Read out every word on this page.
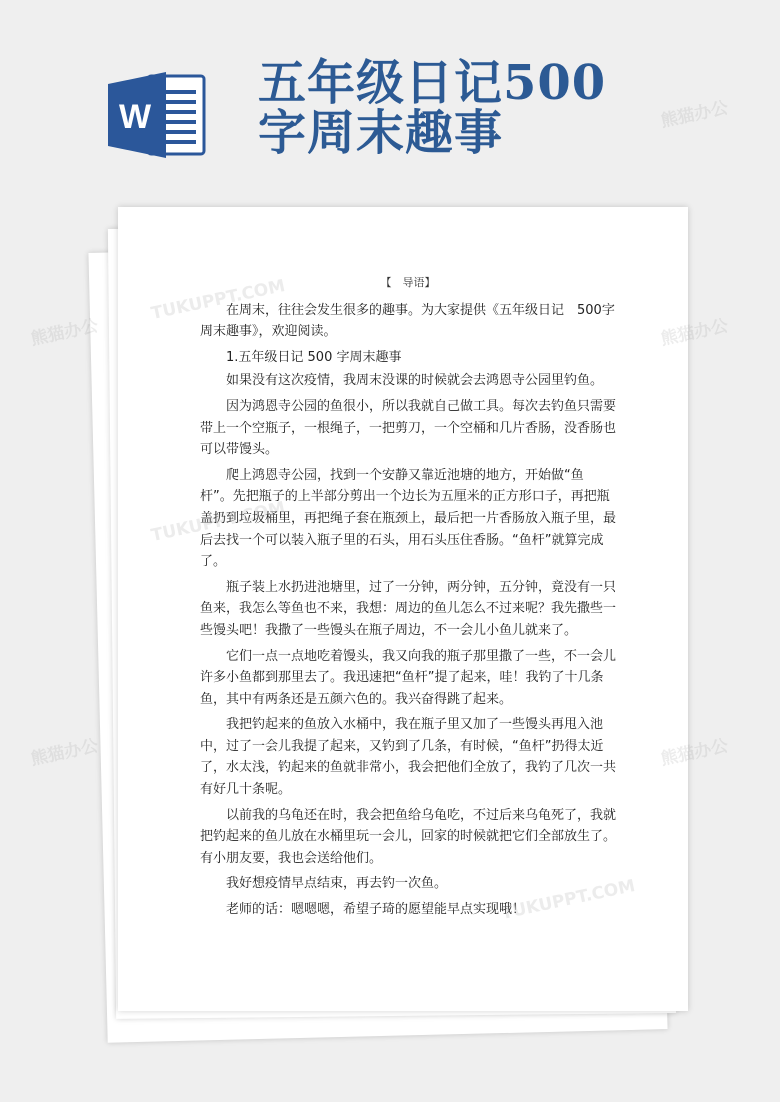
W
五年级日记500
字周末趣事
【　导语】

在周末，往往会发生很多的趣事。为大家提供《五年级日记　500字周末趣事》，欢迎阅读。

1.五年级日记 500 字周末趣事

如果没有这次疫情，我周末没课的时候就会去鸿恩寺公园里钓鱼。

因为鸿恩寺公园的鱼很小，所以我就自己做工具。每次去钓鱼只需要带上一个空瓶子，一根绳子，一把剪刀，一个空桶和几片香肠，没香肠也可以带馒头。

爬上鸿恩寺公园，找到一个安静又靠近池塘的地方，开始做“鱼杆”。先把瓶子的上半部分剪出一个边长为五厘米的正方形口子，再把瓶盖扔到垃圾桶里，再把绳子套在瓶颈上，最后把一片香肠放入瓶子里，最后去找一个可以装入瓶子里的石头，用石头压住香肠。“鱼杆”就算完成了。

瓶子装上水扔进池塘里，过了一分钟，两分钟，五分钟，竟没有一只鱼来，我怎么等鱼也不来，我想：周边的鱼儿怎么不过来呢？我先撒些一些馒头吧！我撒了一些馒头在瓶子周边，不一会儿小鱼儿就来了。

它们一点一点地吃着馒头，我又向我的瓶子那里撒了一些，不一会儿许多小鱼都到那里去了。我迅速把“鱼杆”提了起来，哇！我钓了十几条鱼，其中有两条还是五颜六色的。我兴奋得跳了起来。

我把钓起来的鱼放入水桶中，我在瓶子里又加了一些馒头再甩入池中，过了一会儿我提了起来，又钓到了几条，有时候，“鱼杆”扔得太近了，水太浅，钓起来的鱼就非常小，我会把他们全放了，我钓了几次一共有好几十条呢。

以前我的乌龟还在时，我会把鱼给乌龟吃，不过后来乌龟死了，我就把钓起来的鱼儿放在水桶里玩一会儿，回家的时候就把它们全部放生了。有小朋友要，我也会送给他们。

我好想疫情早点结束，再去钓一次鱼。

老师的话：嗯嗯嗯，希望子琦的愿望能早点实现哦！

熊猫办公	熊猫办公
熊猫办公
熊猫办公	熊猫办公
